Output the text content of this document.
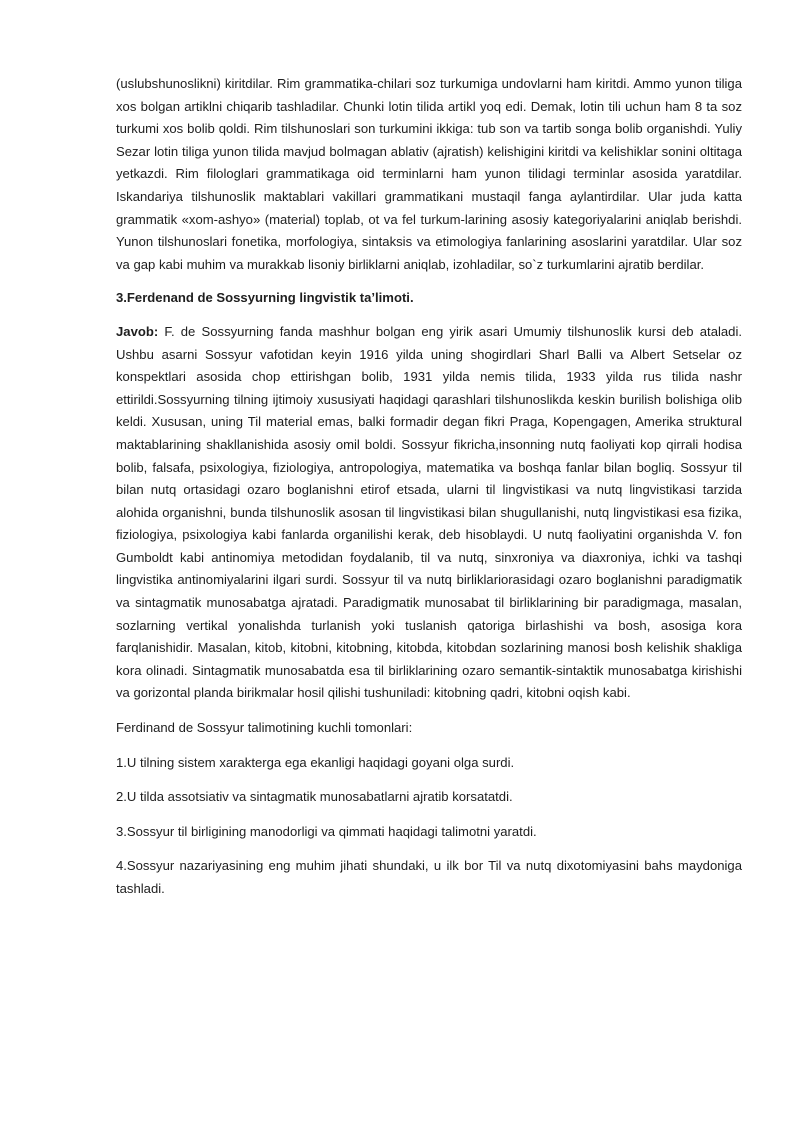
(uslubshunoslikni) kiritdilar. Rim grammatika-chilari soz turkumiga undovlarni ham kiritdi. Ammo yunon tiliga xos bolgan artiklni chiqarib tashladilar. Chunki lotin tilida artikl yoq edi. Demak, lotin tili uchun ham 8 ta soz turkumi xos bolib qoldi. Rim tilshunoslari son turkumini ikkiga: tub son va tartib songa bolib organishdi. Yuliy Sezar lotin tiliga yunon tilida mavjud bolmagan ablativ (ajratish) kelishigini kiritdi va kelishiklar sonini oltitaga yetkazdi. Rim filologlari grammatikaga oid terminlarni ham yunon tilidagi terminlar asosida yaratdilar. Iskandariya tilshunoslik maktablari vakillari grammatikani mustaqil fanga aylantirdilar. Ular juda katta grammatik «xom-ashyo» (material) toplab, ot va fel turkum-larining asosiy kategoriyalarini aniqlab berishdi. Yunon tilshunoslari fonetika, morfologiya, sintaksis va etimologiya fanlarining asoslarini yaratdilar. Ular soz va gap kabi muhim va murakkab lisoniy birliklarni aniqlab, izohladilar, so`z turkumlarini ajratib berdilar.

3.Ferdenand de Sossyurning lingvistik ta’limoti.

Javob: F. de Sossyurning fanda mashhur bolgan eng yirik asari Umumiy tilshunoslik kursi deb ataladi. Ushbu asarni Sossyur vafotidan keyin 1916 yilda uning shogirdlari Sharl Balli va Albert Setselar oz konspektlari asosida chop ettirishgan bolib, 1931 yilda nemis tilida, 1933 yilda rus tilida nashr ettirildi.Sossyurning tilning ijtimoiy xususiyati haqidagi qarashlari tilshunoslikda keskin burilish bolishiga olib keldi. Xususan, uning Til material emas, balki formadir degan fikri Praga, Kopengagen, Amerika struktural maktablarining shakllanishida asosiy omil boldi. Sossyur fikricha,insonning nutq faoliyati kop qirrali hodisa bolib, falsafa, psixologiya, fiziologiya, antropologiya, matematika va boshqa fanlar bilan bogliq. Sossyur til bilan nutq ortasidagi ozaro boglanishni etirof etsada, ularni til lingvistikasi va nutq lingvistikasi tarzida alohida organishni, bunda tilshunoslik asosan til lingvistikasi bilan shugullanishi, nutq lingvistikasi esa fizika, fiziologiya, psixologiya kabi fanlarda organilishi kerak, deb hisoblaydi. U nutq faoliyatini organishda V. fon Gumboldt kabi antinomiya metodidan foydalanib, til va nutq, sinxroniya va diaxroniya, ichki va tashqi lingvistika antinomiyalarini ilgari surdi. Sossyur til va nutq birliklariorasidagi ozaro boglanishni paradigmatik va sintagmatik munosabatga ajratadi. Paradigmatik munosabat til birliklarining bir paradigmaga, masalan, sozlarning vertikal yonalishda turlanish yoki tuslanish qatoriga birlashishi va bosh, asosiga kora farqlanishidir. Masalan, kitob, kitobni, kitobning, kitobda, kitobdan sozlarining manosi bosh kelishik shakliga kora olinadi. Sintagmatik munosabatda esa til birliklarining ozaro semantik-sintaktik munosabatga kirishishi va gorizontal planda birikmalar hosil qilishi tushuniladi: kitobning qadri, kitobni oqish kabi.

Ferdinand de Sossyur talimotining kuchli tomonlari:

1.U tilning sistem xarakterga ega ekanligi haqidagi goyani olga surdi.

2.U tilda assotsiativ va sintagmatik munosabatlarni ajratib korsatatdi.

3.Sossyur til birligining manodorligi va qimmati haqidagi talimotni yaratdi.

4.Sossyur nazariyasining eng muhim jihati shundaki, u ilk bor Til va nutq dixotomiyasini bahs maydoniga tashladi.
